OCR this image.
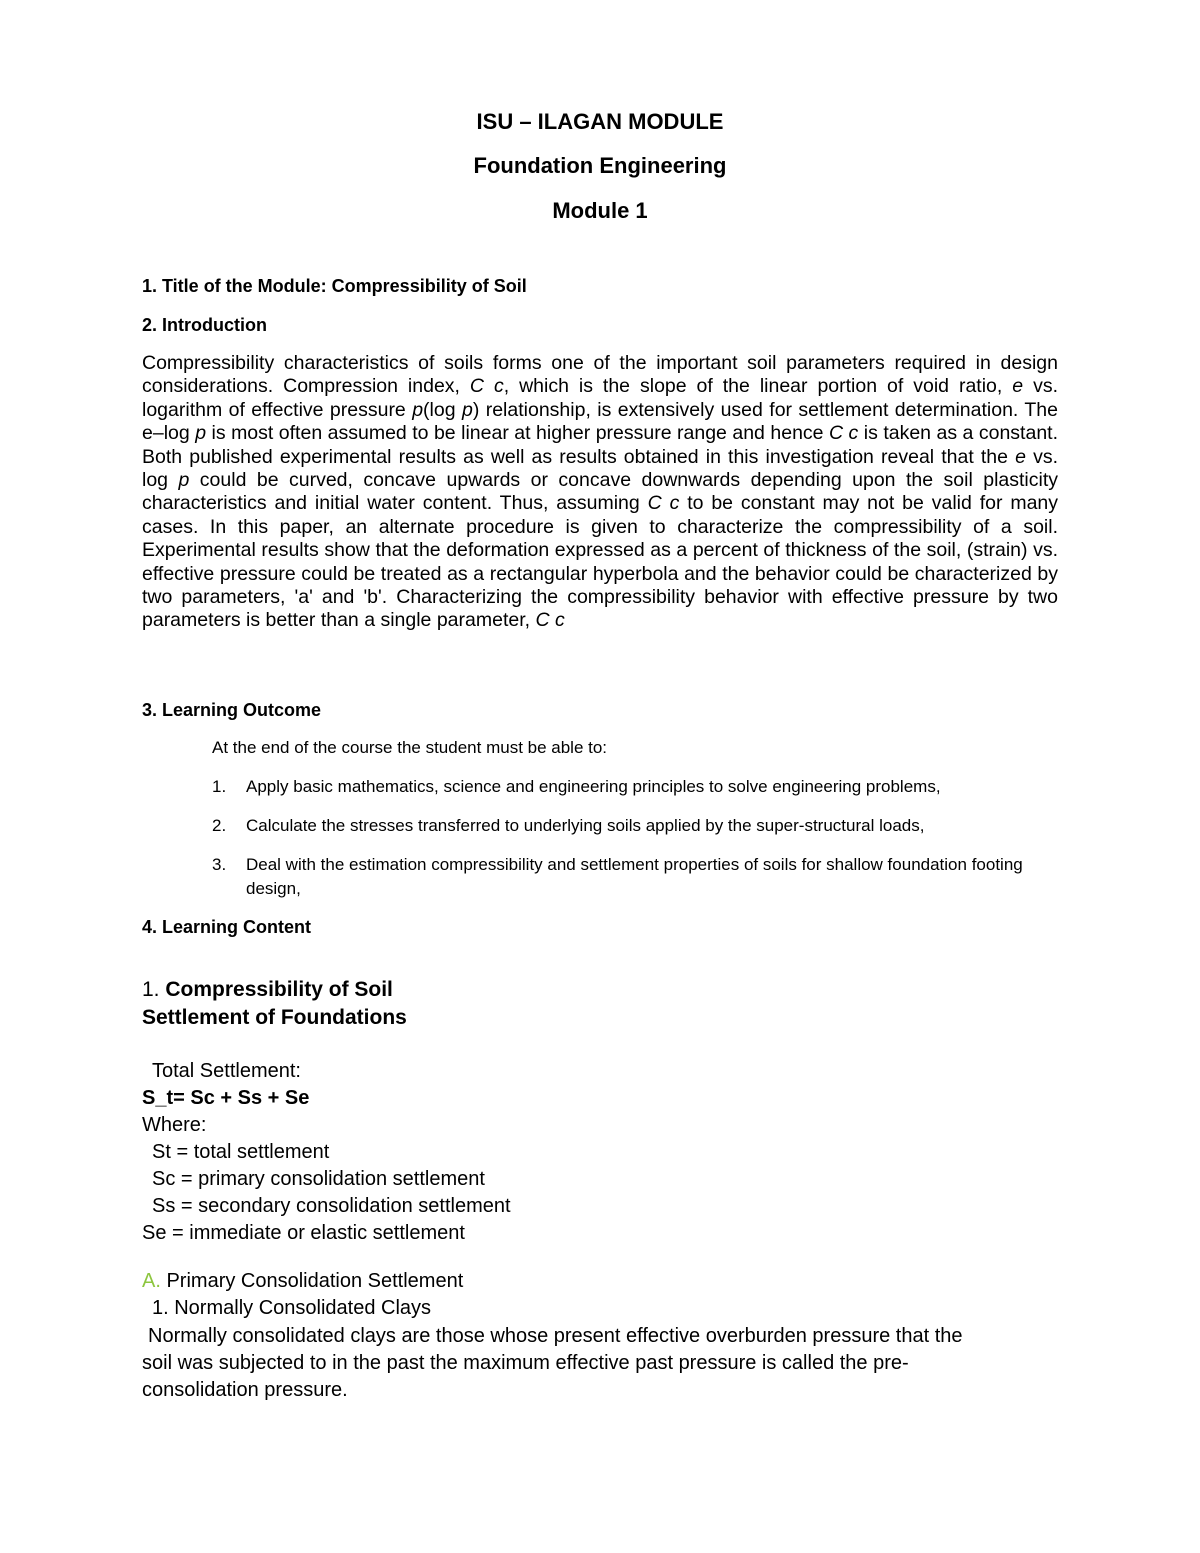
ISU – ILAGAN MODULE
Foundation Engineering
Module 1
1. Title of the Module: Compressibility of Soil
2. Introduction
Compressibility characteristics of soils forms one of the important soil parameters required in design considerations. Compression index, C c, which is the slope of the linear portion of void ratio, e vs. logarithm of effective pressure p(log p) relationship, is extensively used for settlement determination. The e–log p is most often assumed to be linear at higher pressure range and hence C c is taken as a constant. Both published experimental results as well as results obtained in this investigation reveal that the e vs. log p could be curved, concave upwards or concave downwards depending upon the soil plasticity characteristics and initial water content. Thus, assuming C c to be constant may not be valid for many cases. In this paper, an alternate procedure is given to characterize the compressibility of a soil. Experimental results show that the deformation expressed as a percent of thickness of the soil, (strain) vs. effective pressure could be treated as a rectangular hyperbola and the behavior could be characterized by two parameters, 'a' and 'b'. Characterizing the compressibility behavior with effective pressure by two parameters is better than a single parameter, C c
3. Learning Outcome
At the end of the course the student must be able to:
1.	Apply basic mathematics, science and engineering principles to solve engineering problems,
2.	Calculate the stresses transferred to underlying soils applied by the super-structural loads,
3.	Deal with the estimation compressibility and settlement properties of soils for shallow foundation footing design,
4. Learning Content
1. Compressibility of Soil
Settlement of Foundations
Total Settlement:
S_t= Sc + Ss + Se
Where:
St = total settlement
Sc = primary consolidation settlement
Ss = secondary consolidation settlement
Se = immediate or elastic settlement
A. Primary Consolidation Settlement
1. Normally Consolidated Clays
Normally consolidated clays are those whose present effective overburden pressure that the
soil was subjected to in the past the maximum effective past pressure is called the pre-
consolidation pressure.
